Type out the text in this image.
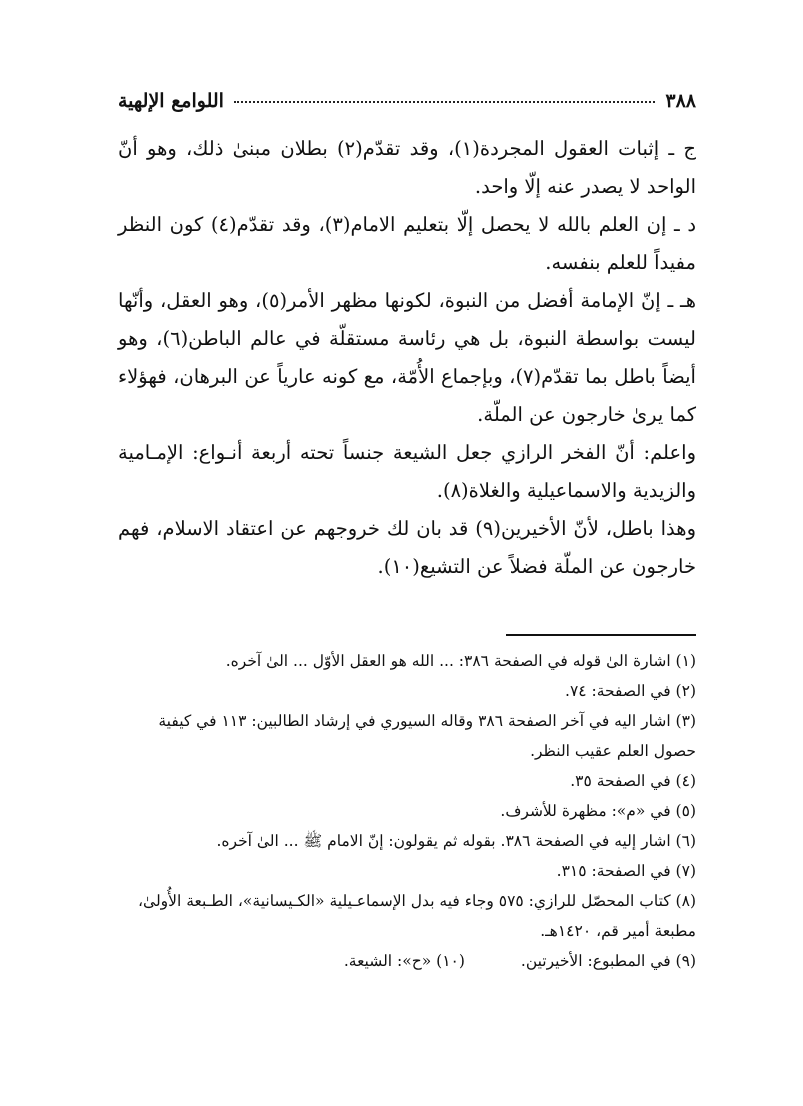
٣٨٨
اللوامع الإلهية

ج ـ إثبات العقول المجردة(١)، وقد تقدّم(٢) بطلان مبنىٰ ذلك، وهو أنّ الواحد لا يصدر عنه إلّا واحد.

د ـ إن العلم بالله لا يحصل إلّا بتعليم الامام(٣)، وقد تقدّم(٤) كون النظر مفيداً للعلم بنفسه.

هـ ـ إنّ الإمامة أفضل من النبوة، لكونها مظهر الأمر(٥)، وهو العقل، وأنّها ليست بواسطة النبوة، بل هي رئاسة مستقلّة في عالم الباطن(٦)، وهو أيضاً باطل بما تقدّم(٧)، وبإجماع الأُمّة، مع كونه عارياً عن البرهان، فهؤلاء كما يرىٰ خارجون عن الملّة.

واعلم: أنّ الفخر الرازي جعل الشيعة جنساً تحته أربعة أنـواع: الإمـامية والزيدية والاسماعيلية والغلاة(٨).

وهذا باطل، لأنّ الأخيرين(٩) قد بان لك خروجهم عن اعتقاد الاسلام، فهم خارجون عن الملّة فضلاً عن التشيع(١٠).

(١) اشارة الىٰ قوله في الصفحة ٣٨٦: ... الله هو العقل الأوّل ... الىٰ آخره.

(٢) في الصفحة: ٧٤.

(٣) اشار اليه في آخر الصفحة ٣٨٦ وقاله السيوري في إرشاد الطالبين: ١١٣ في كيفية حصول العلم عقيب النظر.

(٤) في الصفحة ٣٥.

(٥) في «م»: مظهرة للأشرف.

(٦) اشار إليه في الصفحة ٣٨٦. بقوله ثم يقولون: إنّ الامام ﷺ ... الىٰ آخره.

(٧) في الصفحة: ٣١٥.

(٨) كتاب المحصّل للرازي: ٥٧٥ وجاء فيه بدل الإسماعـيلية «الكـيسانية»، الطـبعة الأُولىٰ، مطبعة أمير قم، ١٤٢٠هـ.

(٩) في المطبوع: الأخيرتين.
(١٠) «ح»: الشيعة.
